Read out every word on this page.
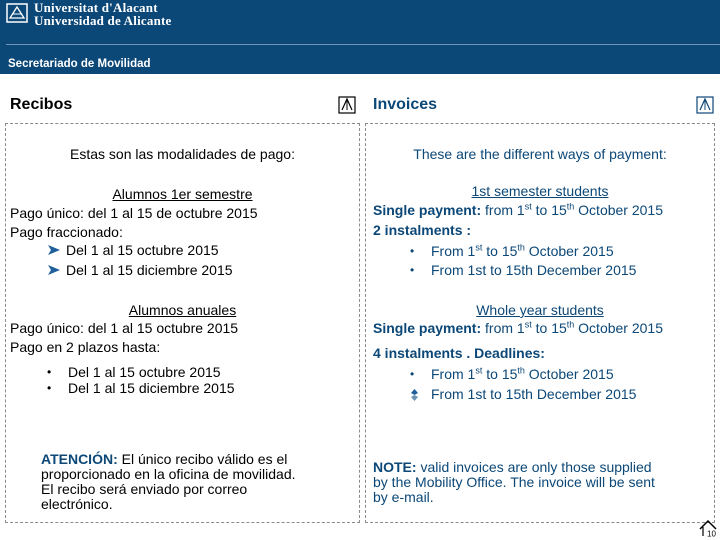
Universitat d'Alacant
Universidad de Alicante
Secretariado de Movilidad
Recibos	Invoices
Estas son las modalidades de pago:
Alumnos 1er semestre
Pago único: del 1 al 15 de octubre 2015
Pago fraccionado:
Del 1 al 15 octubre 2015
Del 1 al 15 diciembre 2015
Alumnos anuales
Pago único: del 1 al 15 octubre 2015
Pago en 2 plazos hasta:
• Del 1 al 15 octubre 2015
• Del 1 al 15 diciembre 2015
ATENCIÓN: El único recibo válido es el
proporcionado en la oficina de movilidad.
El recibo será enviado por correo
electrónico.
These are the different ways of payment:
1st semester students
Single payment: from 1st to 15th October 2015
2 instalments :
• From 1st to 15th October 2015
• From 1st to 15th December 2015
Whole year students
Single payment: from 1st to 15th October 2015
4 instalments . Deadlines:
• From 1st to 15th October 2015
From 1st to 15th December 2015
NOTE: valid invoices are only those supplied
by the Mobility Office. The invoice will be sent
by e-mail.
10
